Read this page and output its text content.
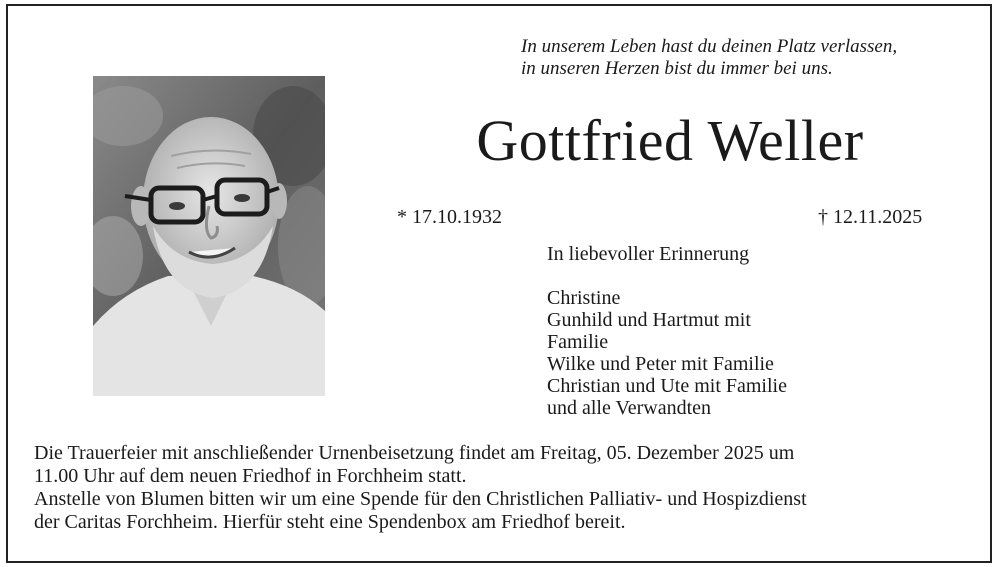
In unserem Leben hast du deinen Platz verlassen,
in unseren Herzen bist du immer bei uns.
Gottfried Weller
* 17.10.1932	† 12.11.2025
In liebevoller Erinnerung
Christine
Gunhild und Hartmut mit
Familie
Wilke und Peter mit Familie
Christian und Ute mit Familie
und alle Verwandten
Die Trauerfeier mit anschließender Urnenbeisetzung findet am Freitag, 05. Dezember 2025 um
11.00 Uhr auf dem neuen Friedhof in Forchheim statt.
Anstelle von Blumen bitten wir um eine Spende für den Christlichen Palliativ- und Hospizdienst
der Caritas Forchheim. Hierfür steht eine Spendenbox am Friedhof bereit.
